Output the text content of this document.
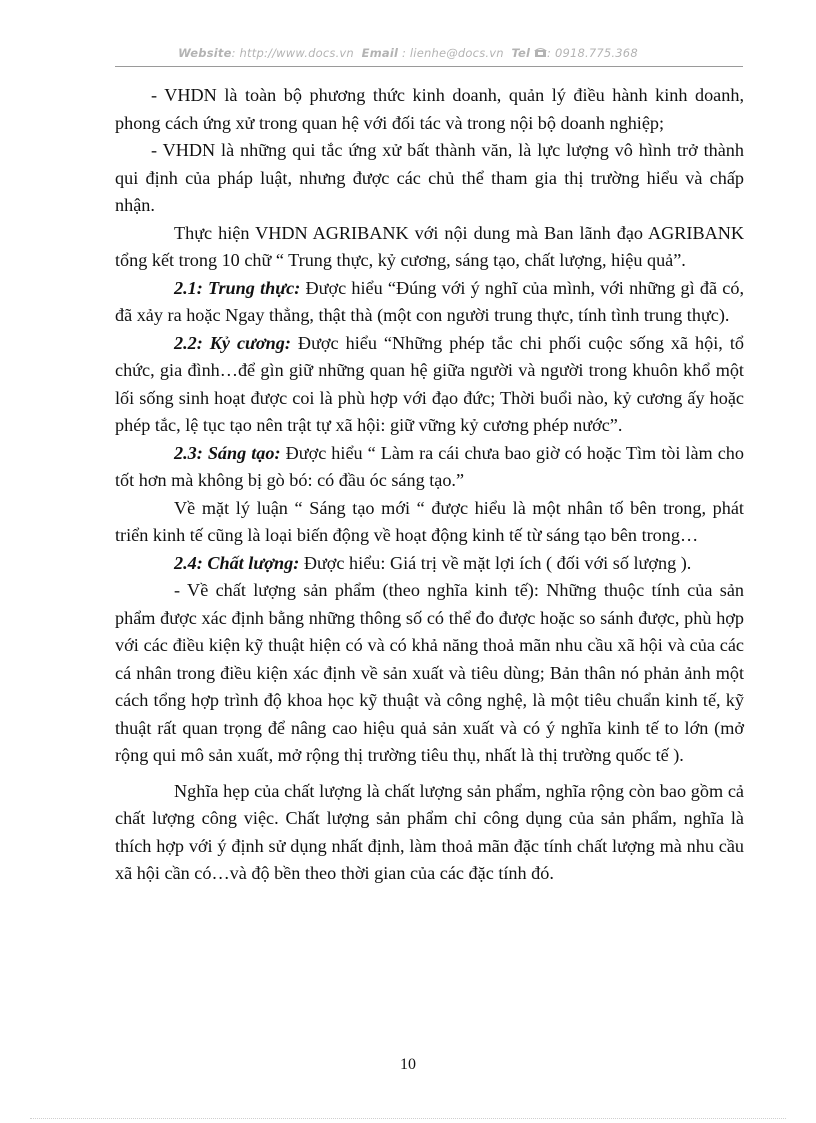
Website: http://www.docs.vn Email : lienhe@docs.vn Tel : 0918.775.368

- VHDN là toàn bộ phương thức kinh doanh, quản lý điều hành kinh doanh, phong cách ứng xử trong quan hệ với đối tác và trong nội bộ doanh nghiệp;

- VHDN là những qui tắc ứng xử bất thành văn, là lực lượng vô hình trở thành qui định của pháp luật, nhưng được các chủ thể tham gia thị trường hiểu và chấp nhận.

Thực hiện VHDN AGRIBANK với nội dung mà Ban lãnh đạo AGRIBANK tổng kết trong 10 chữ “ Trung thực, kỷ cương, sáng tạo, chất lượng, hiệu quả”.

2.1: Trung thực: Được hiểu “Đúng với ý nghĩ của mình, với những gì đã có, đã xảy ra hoặc Ngay thẳng, thật thà (một con người trung thực, tính tình trung thực).

2.2: Kỷ cương: Được hiểu “Những phép tắc chi phối cuộc sống xã hội, tổ chức, gia đình…để gìn giữ những quan hệ giữa người và người trong khuôn khổ một lối sống sinh hoạt được coi là phù hợp với đạo đức; Thời buổi nào, kỷ cương ấy hoặc phép tắc, lệ tục tạo nên trật tự xã hội: giữ vững kỷ cương phép nước”.

2.3: Sáng tạo: Được hiểu “ Làm ra cái chưa bao giờ có hoặc Tìm tòi làm cho tốt hơn mà không bị gò bó: có đầu óc sáng tạo.”

Về mặt lý luận “ Sáng tạo mới “ được hiểu là một nhân tố bên trong, phát triển kinh tế cũng là loại biến động về hoạt động kinh tế từ sáng tạo bên trong…

2.4: Chất lượng: Được hiểu: Giá trị về mặt lợi ích ( đối với số lượng ).

- Về chất lượng sản phẩm (theo nghĩa kinh tế): Những thuộc tính của sản phẩm được xác định bằng những thông số có thể đo được hoặc so sánh được, phù hợp với các điều kiện kỹ thuật hiện có và có khả năng thoả mãn nhu cầu xã hội và của các cá nhân trong điều kiện xác định về sản xuất và tiêu dùng; Bản thân nó phản ảnh một cách tổng hợp trình độ khoa học kỹ thuật và công nghệ, là một tiêu chuẩn kinh tế, kỹ thuật rất quan trọng để nâng cao hiệu quả sản xuất và có ý nghĩa kinh tế to lớn (mở rộng qui mô sản xuất, mở rộng thị trường tiêu thụ, nhất là thị trường quốc tế ).

Nghĩa hẹp của chất lượng là chất lượng sản phẩm, nghĩa rộng còn bao gồm cả chất lượng công việc. Chất lượng sản phẩm chỉ công dụng của sản phẩm, nghĩa là thích hợp với ý định sử dụng nhất định, làm thoả mãn đặc tính chất lượng mà nhu cầu xã hội cần có…và độ bền theo thời gian của các đặc tính đó.

10
